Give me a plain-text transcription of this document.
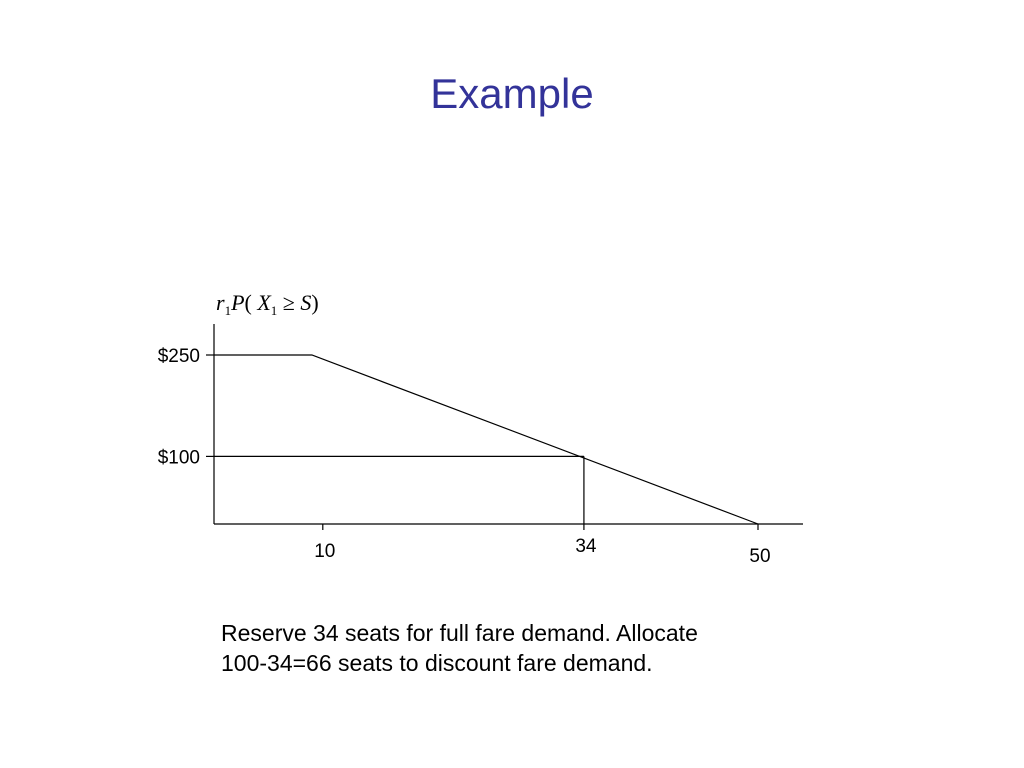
Example
$r_1P$( $X_1 \ge S$)
$250
$100
10	34	50
Reserve 34 seats for full fare demand. Allocate
100-34=66 seats to discount fare demand.
